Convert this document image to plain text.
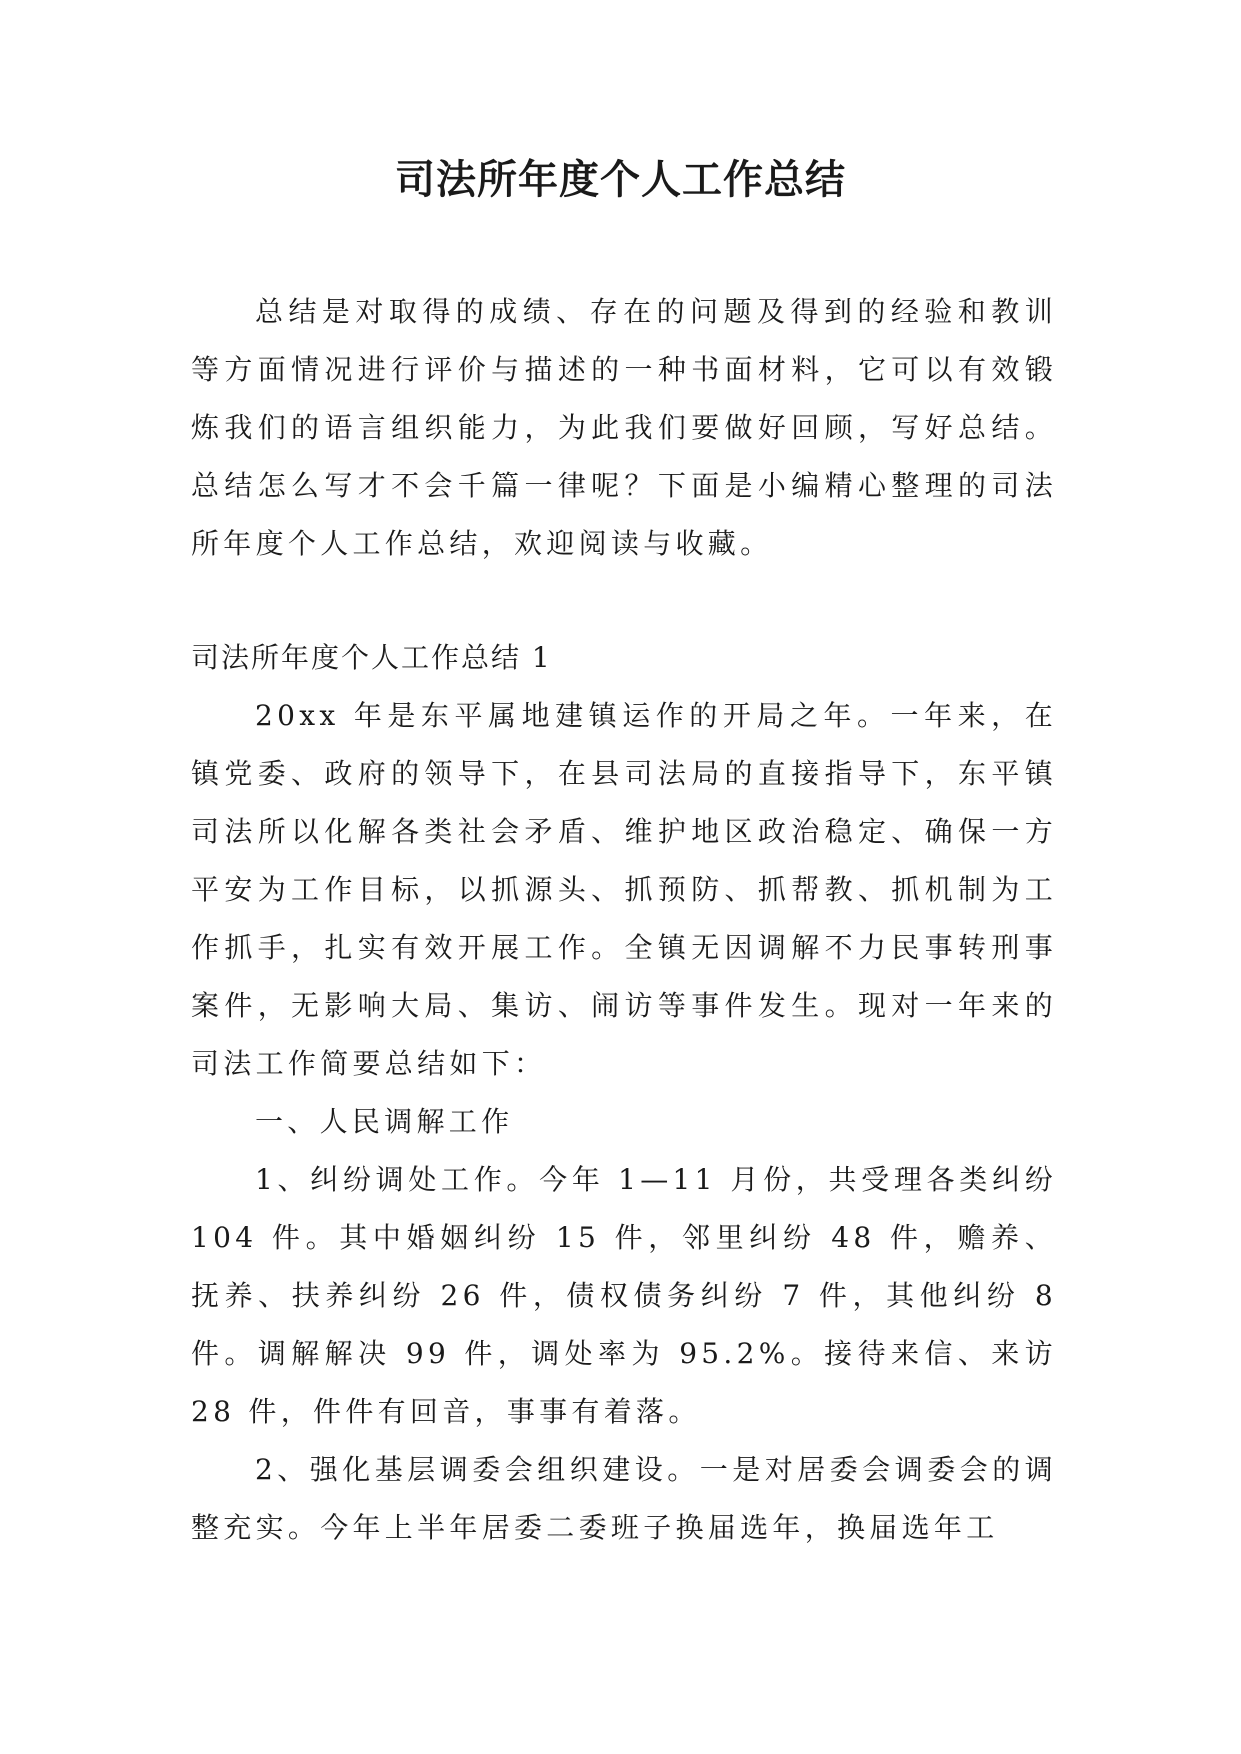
司法所年度个人工作总结

总结是对取得的成绩、存在的问题及得到的经验和教训等方面情况进行评价与描述的一种书面材料，它可以有效锻炼我们的语言组织能力，为此我们要做好回顾，写好总结。总结怎么写才不会千篇一律呢？下面是小编精心整理的司法所年度个人工作总结，欢迎阅读与收藏。

司法所年度个人工作总结 1

20xx 年是东平属地建镇运作的开局之年。一年来，在镇党委、政府的领导下，在县司法局的直接指导下，东平镇司法所以化解各类社会矛盾、维护地区政治稳定、确保一方平安为工作目标，以抓源头、抓预防、抓帮教、抓机制为工作抓手，扎实有效开展工作。全镇无因调解不力民事转刑事案件，无影响大局、集访、闹访等事件发生。现对一年来的司法工作简要总结如下：

一、人民调解工作

1、纠纷调处工作。今年 1—11 月份，共受理各类纠纷 104 件。其中婚姻纠纷 15 件，邻里纠纷 48 件，赡养、抚养、扶养纠纷 26 件，债权债务纠纷 7 件，其他纠纷 8 件。调解解决 99 件，调处率为 95.2%。接待来信、来访 28 件，件件有回音，事事有着落。

2、强化基层调委会组织建设。一是对居委会调委会的调整充实。今年上半年居委二委班子换届选年，换届选年工
